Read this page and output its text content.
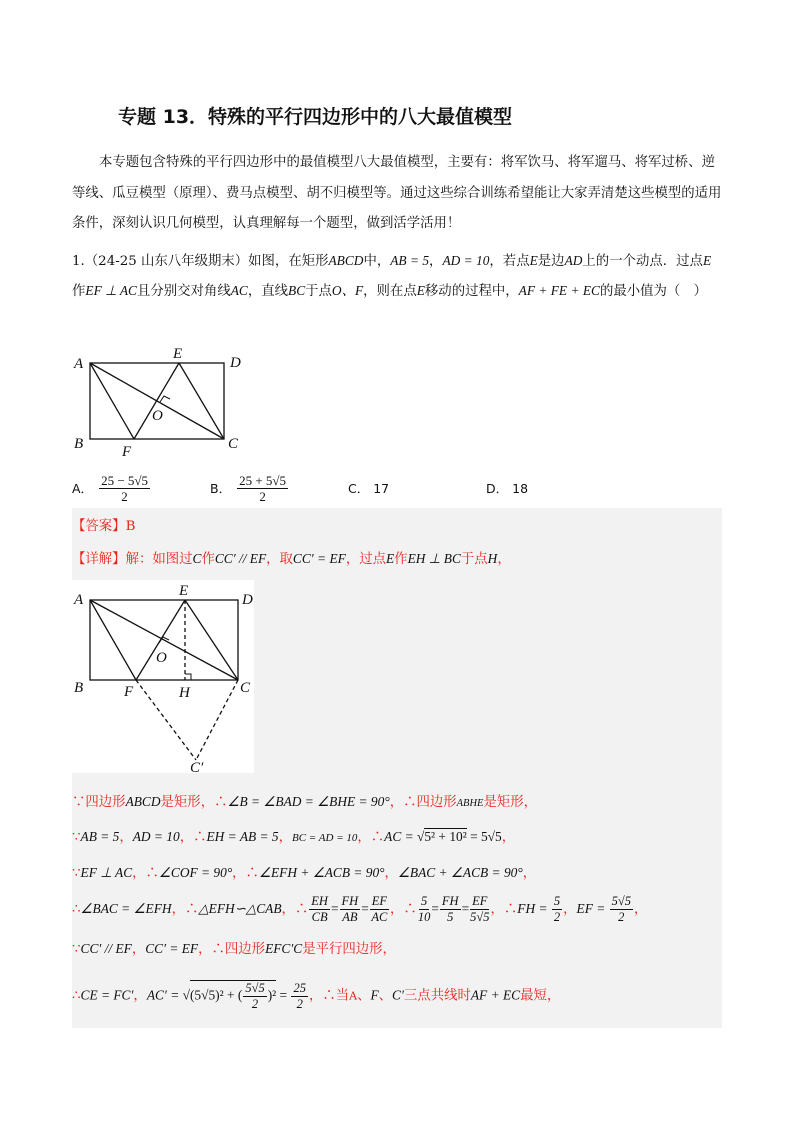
专题 13．特殊的平行四边形中的八大最值模型

本专题包含特殊的平行四边形中的最值模型八大最值模型，主要有：将军饮马、将军遛马、将军过桥、逆等线、瓜豆模型（原理）、费马点模型、胡不归模型等。通过这些综合训练希望能让大家弄清楚这些模型的适用条件，深刻认识几何模型，认真理解每一个题型，做到活学活用！

1.（24-25 山东八年级期末）如图，在矩形ABCD中，AB = 5，AD = 10，若点E是边AD上的一个动点．过点E作EF ⊥ AC且分别交对角线AC，直线BC于点O、F，则在点E移动的过程中，AF + FE + EC的最小值为（　）
A
E
D
O
B	F	C
A． $\frac{25 - 5√5}{2}$	B． $\frac{25 + 5√5}{2}$	C． 17	D． 18
【答案】B
【详解】解：如图过C作CC′ // EF，取CC′ = EF，过点E作EH ⊥ BC于点H，
A
E
D
O
B	F	H	C
C′
∵四边形ABCD是矩形，∴∠B = ∠BAD = ∠BHE = 90°，∴四边形ABHE是矩形，
∵AB = 5，AD = 10，∴EH = AB = 5，BC = AD = 10，∴AC = √5² + 10² = 5√5，
∵EF ⊥ AC，∴∠COF = 90°，∴∠EFH + ∠ACB = 90°，∠BAC + ∠ACB = 90°，
∴∠BAC = ∠EFH，∴△EFH∽△CAB，∴ $\frac{EH}{CB} = \frac{FH}{AB} = \frac{EF}{AC}$ ，∴ $\frac{5}{10} = \frac{FH}{5} = \frac{EF}{5√5}$ ，∴FH = $\frac{5}{2}$ ，EF = $\frac{5√5}{2}$ ，
∵CC′ // EF，CC′ = EF，∴四边形EFC′C是平行四边形，
∴CE = FC′，AC′ = √(5√5)² + ( $\frac{5√5}{2} )^2 = \frac{25}{2}$ ，∴当A、F、C′三点共线时AF + EC最短，
